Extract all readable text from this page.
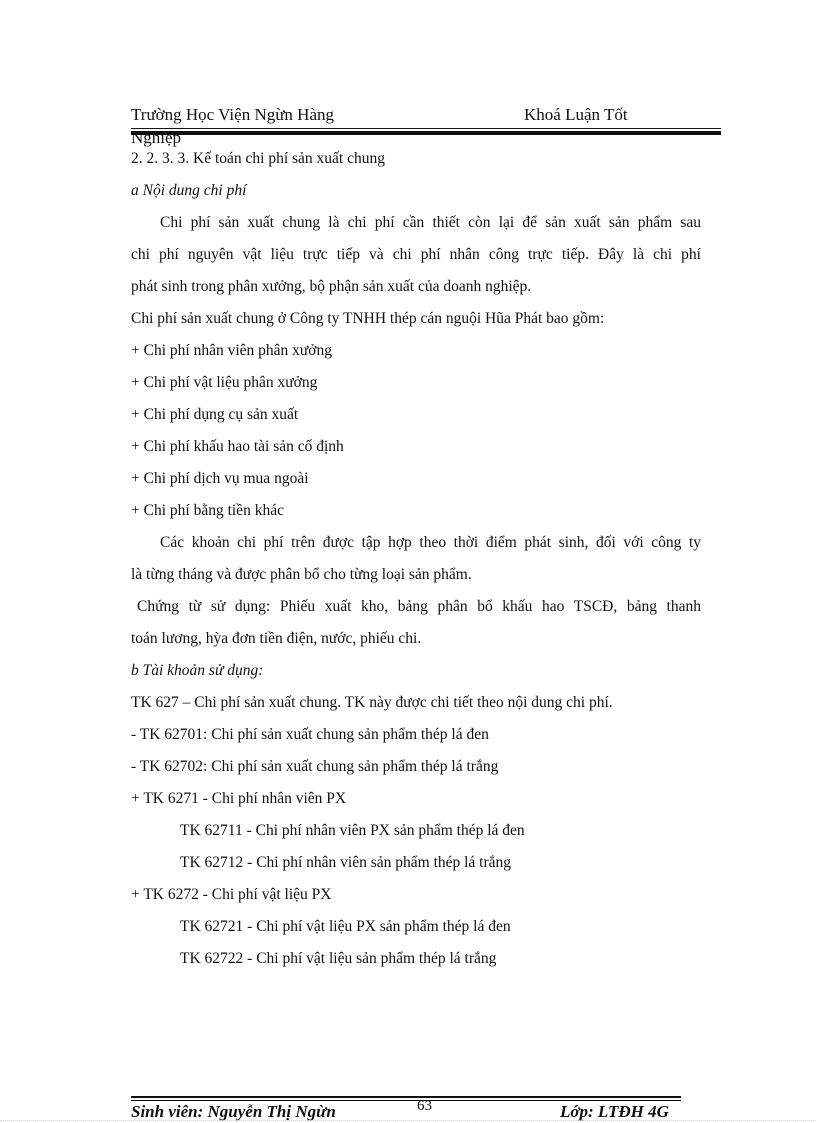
Trường Học Viện Ngừn Hàng	Khoá Luận Tốt
Nghiệp
2. 2. 3. 3. Kế toán chi phí sản xuất chung
a Nội dung chi phí
Chi phí sản xuất chung là chi phí cần thiết còn lại để sản xuất sản phẩm sau
chi phí nguyên vật liệu trực tiếp và chi phí nhân công trực tiếp. Đây là chi phí
phát sinh trong phân xưởng, bộ phận sản xuất của doanh nghiệp.
Chi phí sản xuất chung ở Công ty TNHH thép cán nguội Hũa Phát bao gồm:
+ Chi phí nhân viên phân xưởng
+ Chi phí vật liệu phân xưởng
+ Chi phí dụng cụ sản xuất
+ Chi phí khấu hao tài sản cố định
+ Chi phí dịch vụ mua ngoài
+ Chi phí bằng tiền khác
Các khoản chi phí trên được tập hợp theo thời điểm phát sinh, đối với công ty
là từng tháng và được phân bổ cho từng loại sản phẩm.
Chứng từ sử dụng: Phiếu xuất kho, bảng phân bổ khấu hao TSCĐ, bảng thanh
toán lương, hỳa đơn tiền điện, nước, phiếu chi.
b Tài khoản sử dụng:
TK 627 – Chi phí sản xuất chung. TK này được chi tiết theo nội dung chi phí.
- TK 62701: Chi phí sản xuất chung sản phẩm thép lá đen
- TK 62702: Chi phí sản xuất chung sản phẩm thép lá trắng
+ TK 6271 - Chi phí nhân viên PX
TK 62711 - Chi phí nhân viên PX sản phẩm thép lá đen
TK 62712 - Chi phí nhân viên sản phẩm thép lá trắng
+ TK 6272 - Chi phí vật liệu PX
TK 62721 - Chi phí vật liệu PX sản phẩm thép lá đen
TK 62722 - Chi phí vật liệu sản phẩm thép lá trắng
Sinh viên: Nguyễn Thị Ngừn	63	Lớp: LTĐH 4G
